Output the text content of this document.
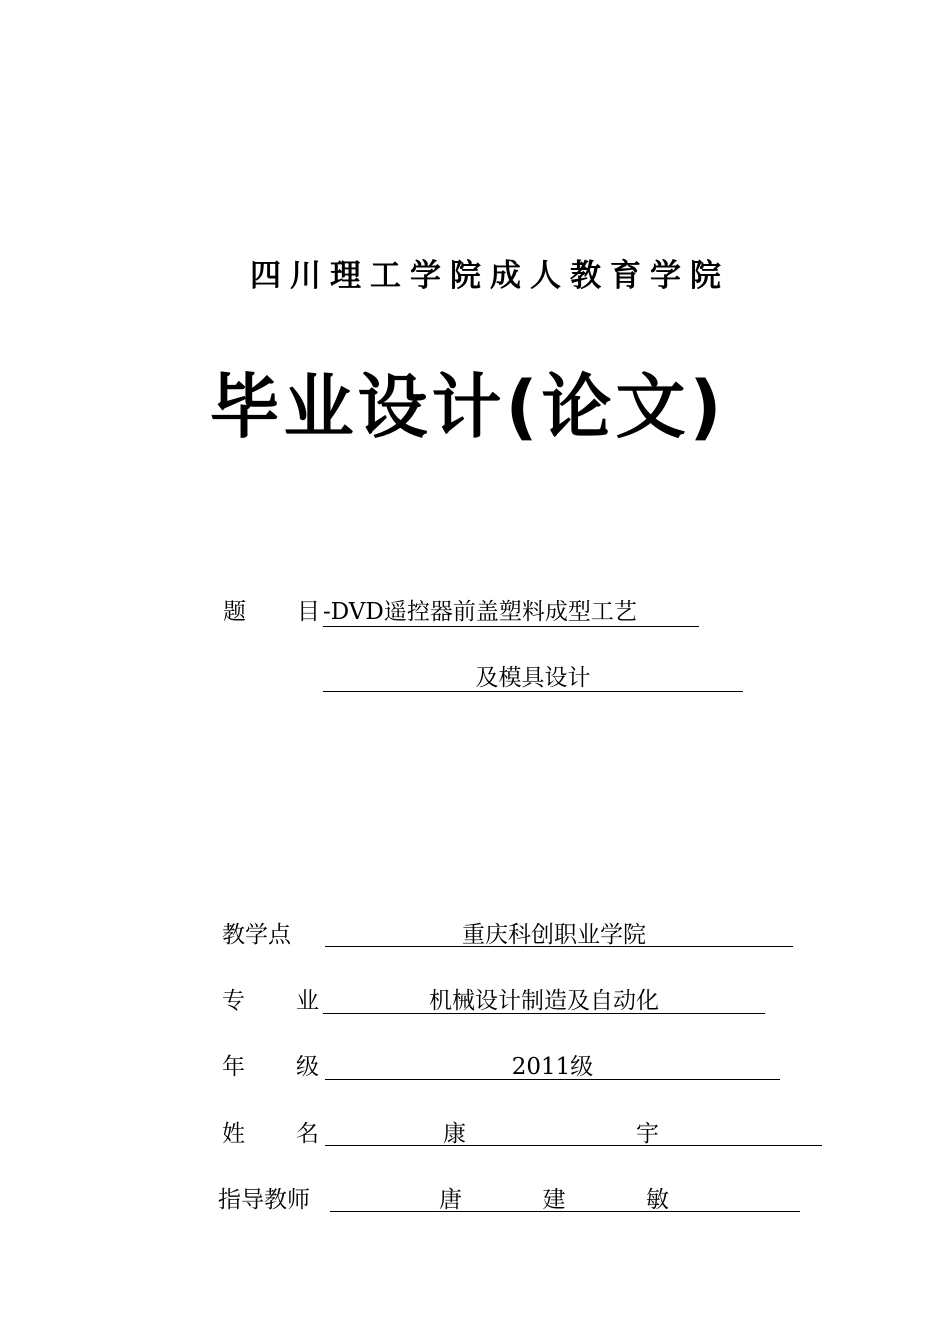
四川理工学院成人教育学院
毕业设计(论文)
题　目
-DVD遥控器前盖塑料成型工艺
及模具设计
教学点	重庆科创职业学院
专　业	机械设计制造及自动化
年　级	2011级
姓　名	康	宇
指导教师	唐	建	敏
